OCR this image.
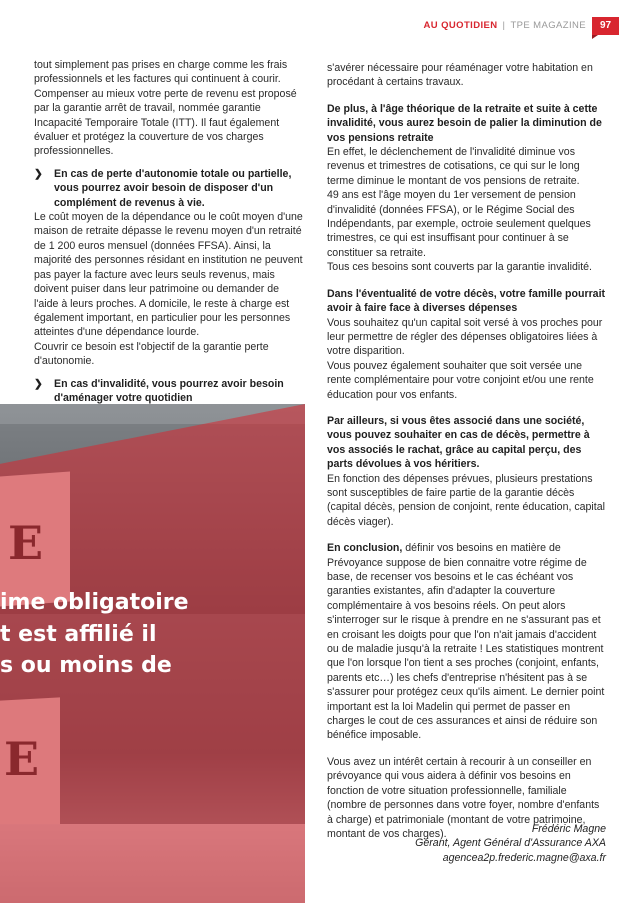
AU QUOTIDIEN | TPE MAGAZINE	97

tout simplement pas prises en charge comme les frais professionnels et les factures qui continuent à courir. Compenser au mieux votre perte de revenu est proposé par la garantie arrêt de travail, nommée garantie Incapacité Temporaire Totale (ITT). Il faut également évaluer et protégez la couverture de vos charges professionnelles.

❯	En cas de perte d'autonomie totale ou partielle, vous pourrez avoir besoin de disposer d'un complément de revenus à vie.

Le coût moyen de la dépendance ou le coût moyen d'une maison de retraite dépasse le revenu moyen d'un retraité de 1 200 euros mensuel (données FFSA). Ainsi, la majorité des personnes résidant en institution ne peuvent pas payer la facture avec leurs seuls revenus, mais doivent puiser dans leur patrimoine ou demander de l'aide à leurs proches. A domicile, le reste à charge est également important, en particulier pour les personnes atteintes d'une dépendance lourde.

Couvrir ce besoin est l'objectif de la garantie perte d'autonomie.

❯	En cas d'invalidité, vous pourrez avoir besoin d'aménager votre quotidien

ime obligatoire
t est affilié il
s ou moins de

s'avérer nécessaire pour réaménager votre habitation en procédant à certains travaux.

De plus, à l'âge théorique de la retraite et suite à cette invalidité, vous aurez besoin de palier la diminution de vos pensions retraite

En effet, le déclenchement de l'invalidité diminue vos revenus et trimestres de cotisations, ce qui sur le long terme diminue le montant de vos pensions de retraite.

49 ans est l'âge moyen du 1er versement de pension d'invalidité (données FFSA), or le Régime Social des Indépendants, par exemple, octroie seulement quelques trimestres, ce qui est insuffisant pour continuer à se constituer sa retraite.

Tous ces besoins sont couverts par la garantie invalidité.

Dans l'éventualité de votre décès, votre famille pourrait avoir à faire face à diverses dépenses

Vous souhaitez qu'un capital soit versé à vos proches pour leur permettre de régler des dépenses obligatoires liées à votre disparition.

Vous pouvez également souhaiter que soit versée une rente complémentaire pour votre conjoint et/ou une rente éducation pour vos enfants.

Par ailleurs, si vous êtes associé dans une société, vous pouvez souhaiter en cas de décès, permettre à vos associés le rachat, grâce au capital perçu, des parts dévolues à vos héritiers.

En fonction des dépenses prévues, plusieurs prestations sont susceptibles de faire partie de la garantie décès (capital décès, pension de conjoint, rente éducation, capital décès viager).

En conclusion, définir vos besoins en matière de Prévoyance suppose de bien connaitre votre régime de base, de recenser vos besoins et le cas échéant vos garanties existantes, afin d'adapter la couverture complémentaire à vos besoins réels. On peut alors s'interroger sur le risque à prendre en ne s'assurant pas et en croisant les doigts pour que l'on n'ait jamais d'accident ou de maladie jusqu'à la retraite ! Les statistiques montrent que l'on lorsque l'on tient a ses proches (conjoint, enfants, parents etc…) les chefs d'entreprise n'hésitent pas à se s'assurer pour protégez ceux qu'ils aiment. Le dernier point important est la loi Madelin qui permet de passer en charges le cout de ces assurances et ainsi de réduire son bénéfice imposable.

Vous avez un intérêt certain à recourir à un conseiller en prévoyance qui vous aidera à définir vos besoins en fonction de votre situation professionnelle, familiale (nombre de personnes dans votre foyer, nombre d'enfants à charge) et patrimoniale (montant de votre patrimoine, montant de vos charges).	Frédéric Magne
Gérant, Agent Général d'Assurance AXA
agencea2p.frederic.magne@axa.fr
